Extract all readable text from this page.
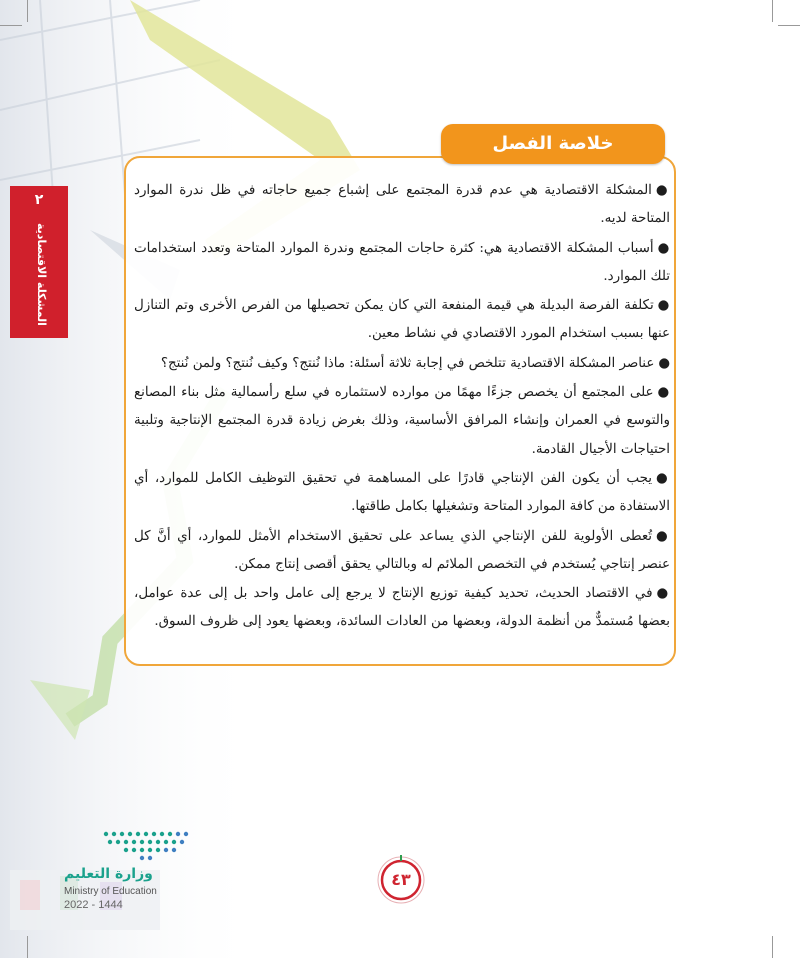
٢
المشكلة الاقتصادية
خلاصة الفصل
●المشكلة الاقتصادية هي عدم قدرة المجتمع على إشباع جميع حاجاته في ظل ندرة الموارد المتاحة لديه.
●أسباب المشكلة الاقتصادية هي: كثرة حاجات المجتمع وندرة الموارد المتاحة وتعدد استخدامات تلك الموارد.
●تكلفة الفرصة البديلة هي قيمة المنفعة التي كان يمكن تحصيلها من الفرص الأخرى وتم التنازل عنها بسبب استخدام المورد الاقتصادي في نشاط معين.
●عناصر المشكلة الاقتصادية تتلخص في إجابة ثلاثة أسئلة: ماذا نُنتج؟ وكيف نُنتج؟ ولمن نُنتج؟
●على المجتمع أن يخصص جزءًا مهمًا من موارده لاستثماره في سلع رأسمالية مثل بناء المصانع والتوسع في العمران وإنشاء المرافق الأساسية، وذلك بغرض زيادة قدرة المجتمع الإنتاجية وتلبية احتياجات الأجيال القادمة.
●يجب أن يكون الفن الإنتاجي قادرًا على المساهمة في تحقيق التوظيف الكامل للموارد، أي الاستفادة من كافة الموارد المتاحة وتشغيلها بكامل طاقتها.
●تُعطى الأولوية للفن الإنتاجي الذي يساعد على تحقيق الاستخدام الأمثل للموارد، أي أنَّ كل عنصر إنتاجي يُستخدم في التخصص الملائم له وبالتالي يحقق أقصى إنتاج ممكن.
●في الاقتصاد الحديث، تحديد كيفية توزيع الإنتاج لا يرجع إلى عامل واحد بل إلى عدة عوامل، بعضها مُستمدٌّ من أنظمة الدولة، وبعضها من العادات السائدة، وبعضها يعود إلى ظروف السوق.
وزارة التعليم
Ministry of Education
2022 - 1444
٤٣
